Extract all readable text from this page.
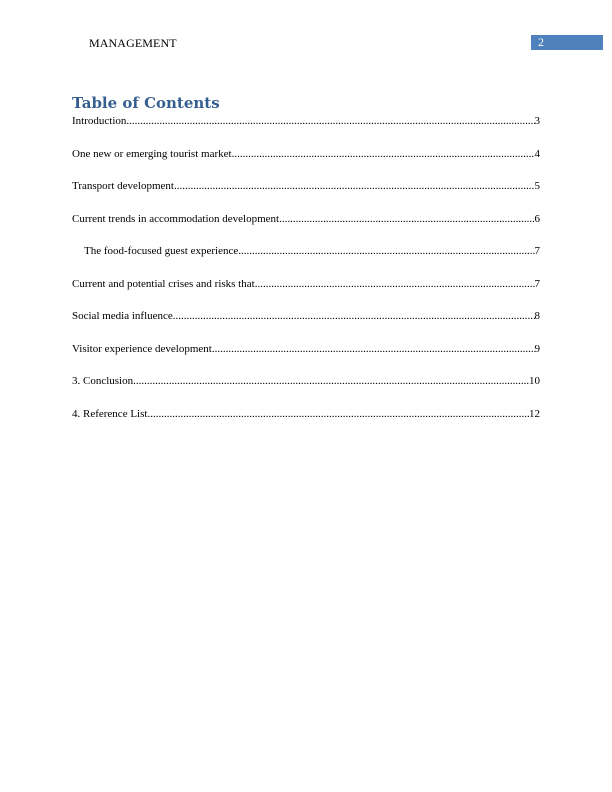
MANAGEMENT	2
Table of Contents
Introduction .....	3
One new or emerging tourist market .....	4
Transport development .....	5
Current trends in accommodation development .....	6
The food-focused guest experience .....	7
Current and potential crises and risks that .....	7
Social media influence .....	8
Visitor experience development .....	9
3. Conclusion .....	10
4. Reference List .....	12
